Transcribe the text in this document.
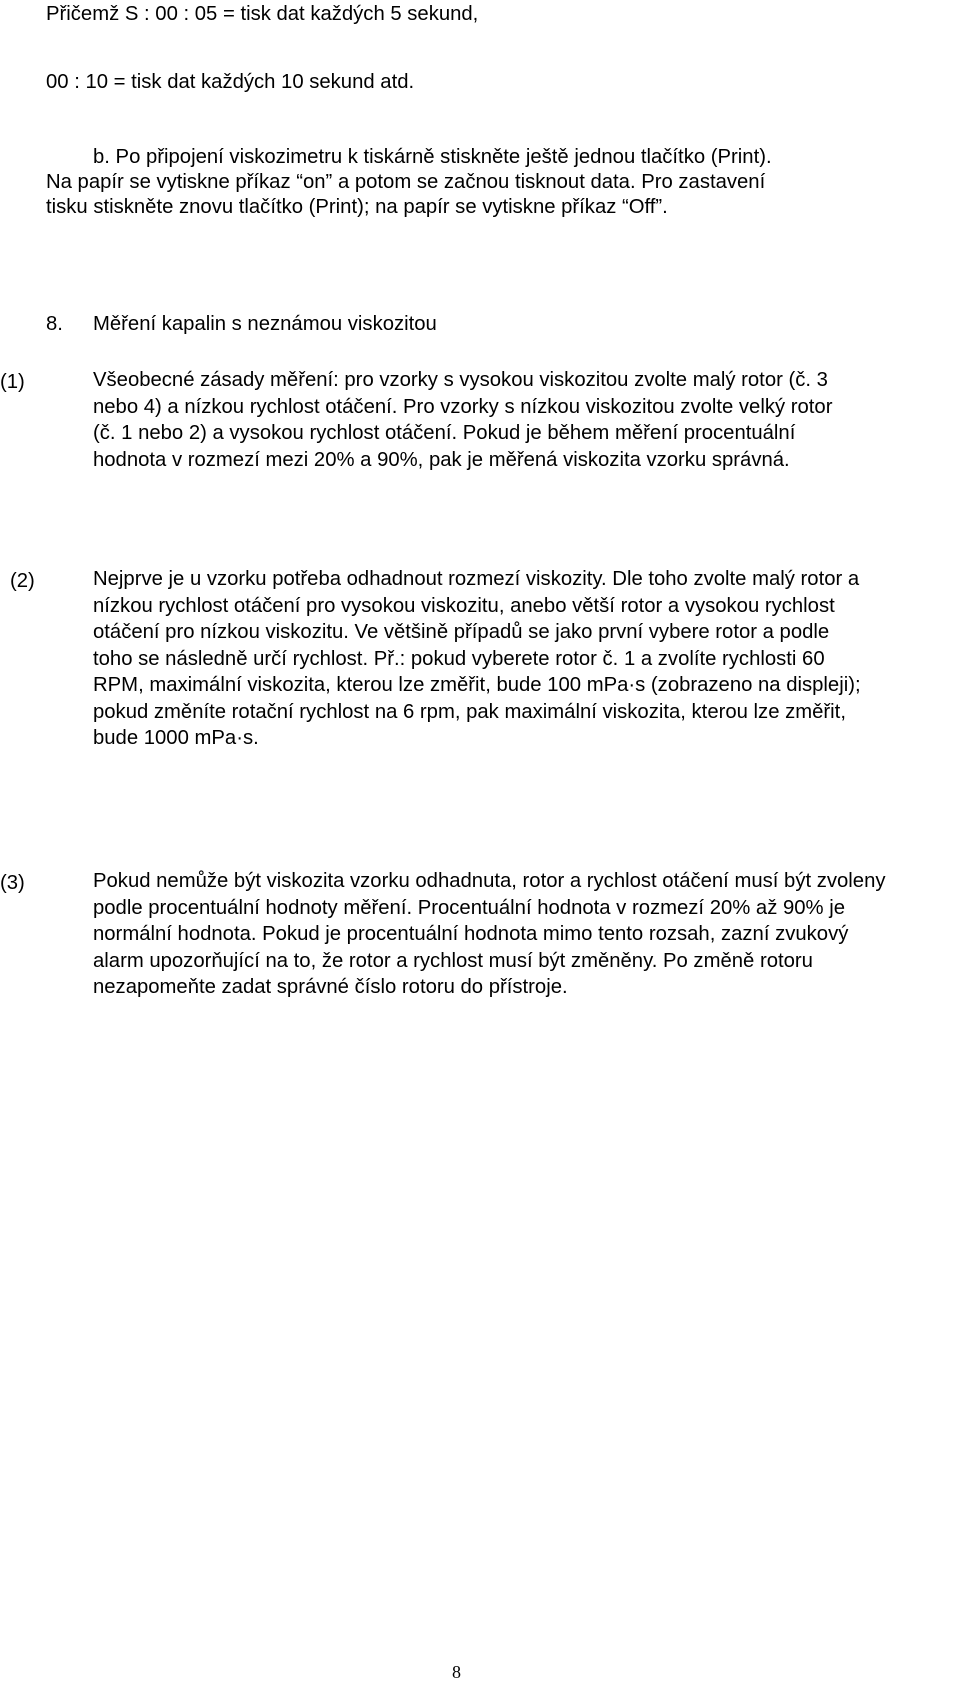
Přičemž S : 00 : 05 = tisk dat každých 5 sekund,
00 : 10 = tisk dat každých 10 sekund atd.
b. Po připojení viskozimetru k tiskárně stiskněte ještě jednou tlačítko (Print).
Na papír se vytiskne příkaz “on” a potom se začnou tisknout data. Pro zastavení
tisku stiskněte znovu tlačítko (Print); na papír se vytiskne příkaz “Off”.
8. Měření kapalin s neznámou viskozitou
(1)	Všeobecné zásady měření: pro vzorky s vysokou viskozitou zvolte malý rotor (č. 3 nebo 4) a nízkou rychlost otáčení. Pro vzorky s nízkou viskozitou zvolte velký rotor (č. 1 nebo 2) a vysokou rychlost otáčení. Pokud je během měření procentuální hodnota v rozmezí mezi 20% a 90%, pak je měřená viskozita vzorku správná.
(2)	Nejprve je u vzorku potřeba odhadnout rozmezí viskozity. Dle toho zvolte malý rotor a nízkou rychlost otáčení pro vysokou viskozitu, anebo větší rotor a vysokou rychlost otáčení pro nízkou viskozitu. Ve většině případů se jako první vybere rotor a podle toho se následně určí rychlost. Př.: pokud vyberete rotor č. 1 a zvolíte rychlosti 60 RPM, maximální viskozita, kterou lze změřit, bude 100 mPa·s (zobrazeno na displeji); pokud změníte rotační rychlost na 6 rpm, pak maximální viskozita, kterou lze změřit, bude 1000 mPa·s.
(3)	Pokud nemůže být viskozita vzorku odhadnuta, rotor a rychlost otáčení musí být zvoleny podle procentuální hodnoty měření. Procentuální hodnota v rozmezí 20% až 90% je normální hodnota. Pokud je procentuální hodnota mimo tento rozsah, zazní zvukový alarm upozorňující na to, že rotor a rychlost musí být změněny. Po změně rotoru nezapomeňte zadat správné číslo rotoru do přístroje.
8
